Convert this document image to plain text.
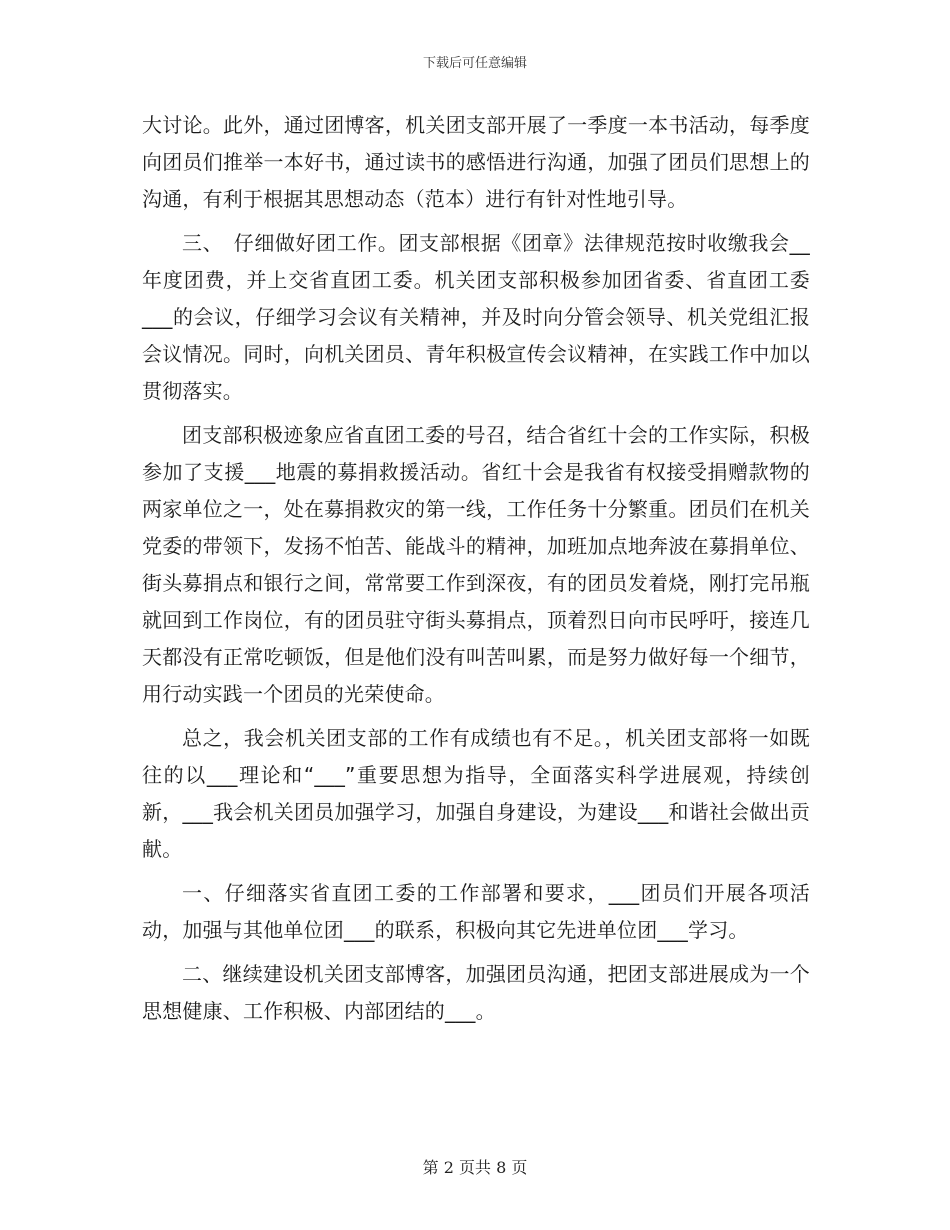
下载后可任意编辑

大讨论。此外，通过团博客，机关团支部开展了一季度一本书活动，每季度向团员们推举一本好书，通过读书的感悟进行沟通，加强了团员们思想上的沟通，有利于根据其思想动态（范本）进行有针对性地引导。

三、　仔细做好团工作。团支部根据《团章》法律规范按时收缴我会__年度团费，并上交省直团工委。机关团支部积极参加团省委、省直团工委___的会议，仔细学习会议有关精神，并及时向分管会领导、机关党组汇报会议情况。同时，向机关团员、青年积极宣传会议精神，在实践工作中加以贯彻落实。

团支部积极迹象应省直团工委的号召，结合省红十会的工作实际，积极参加了支援___地震的募捐救援活动。省红十会是我省有权接受捐赠款物的两家单位之一，处在募捐救灾的第一线，工作任务十分繁重。团员们在机关党委的带领下，发扬不怕苦、能战斗的精神，加班加点地奔波在募捐单位、街头募捐点和银行之间，常常要工作到深夜，有的团员发着烧，刚打完吊瓶就回到工作岗位，有的团员驻守街头募捐点，顶着烈日向市民呼吁，接连几天都没有正常吃顿饭，但是他们没有叫苦叫累，而是努力做好每一个细节，用行动实践一个团员的光荣使命。

总之，我会机关团支部的工作有成绩也有不足。，机关团支部将一如既往的以___理论和“___”重要思想为指导，全面落实科学进展观，持续创新，___我会机关团员加强学习，加强自身建设，为建设___和谐社会做出贡献。

一、仔细落实省直团工委的工作部署和要求，___团员们开展各项活动，加强与其他单位团___的联系，积极向其它先进单位团___学习。

二、继续建设机关团支部博客，加强团员沟通，把团支部进展成为一个思想健康、工作积极、内部团结的___。

第 2 页共 8 页
